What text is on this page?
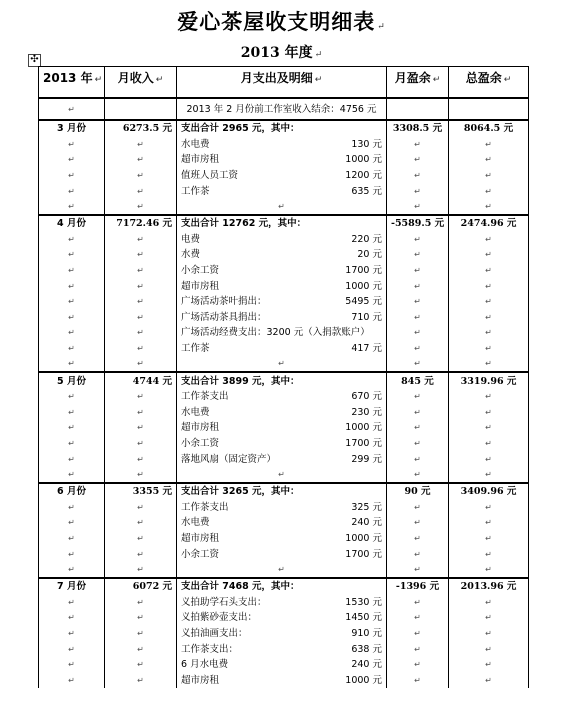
爱心茶屋收支明细表 ↵
2013 年度 ↵
✣
2013 年 ↵	月收入 ↵	月支出及明细 ↵	月盈余 ↵	总盈余 ↵
↵		2013 年 2 月份前工作室收入结余：4756 元		
3 月份	6273.5 元	支出合计 2965 元，其中：	3308.5 元	8064.5 元
↵	↵	水电费 130 元	↵	↵
↵	↵	超市房租 1000 元	↵	↵
↵	↵	值班人员工资 1200 元	↵	↵
↵	↵	工作茶 635 元	↵	↵
↵	↵	↵	↵	↵
4 月份	7172.46 元	支出合计 12762 元，其中：	-5589.5 元	2474.96 元
↵	↵	电费 220 元	↵	↵
↵	↵	水费 20 元	↵	↵
↵	↵	小余工资 1700 元	↵	↵
↵	↵	超市房租 1000 元	↵	↵
↵	↵	广场活动茶叶捐出： 5495 元	↵	↵
↵	↵	广场活动茶具捐出： 710 元	↵	↵
↵	↵	广场活动经费支出：3200 元（入捐款账户）	↵	↵
↵	↵	工作茶 417 元	↵	↵
↵	↵	↵	↵	↵
5 月份	4744 元	支出合计 3899 元，其中：	845 元	3319.96 元
↵	↵	工作茶支出 670 元	↵	↵
↵	↵	水电费 230 元	↵	↵
↵	↵	超市房租 1000 元	↵	↵
↵	↵	小余工资 1700 元	↵	↵
↵	↵	落地风扇（固定资产） 299 元	↵	↵
↵	↵	↵	↵	↵
6 月份	3355 元	支出合计 3265 元，其中：	90 元	3409.96 元
↵	↵	工作茶支出 325 元	↵	↵
↵	↵	水电费 240 元	↵	↵
↵	↵	超市房租 1000 元	↵	↵
↵	↵	小余工资 1700 元	↵	↵
↵	↵	↵	↵	↵
7 月份	6072 元	支出合计 7468 元，其中：	-1396 元	2013.96 元
↵	↵	义拍助学石头支出： 1530 元	↵	↵
↵	↵	义拍紫砂壶支出： 1450 元	↵	↵
↵	↵	义拍油画支出： 910 元	↵	↵
↵	↵	工作茶支出： 638 元	↵	↵
↵	↵	6 月水电费 240 元	↵	↵
↵	↵	超市房租 1000 元	↵	↵
